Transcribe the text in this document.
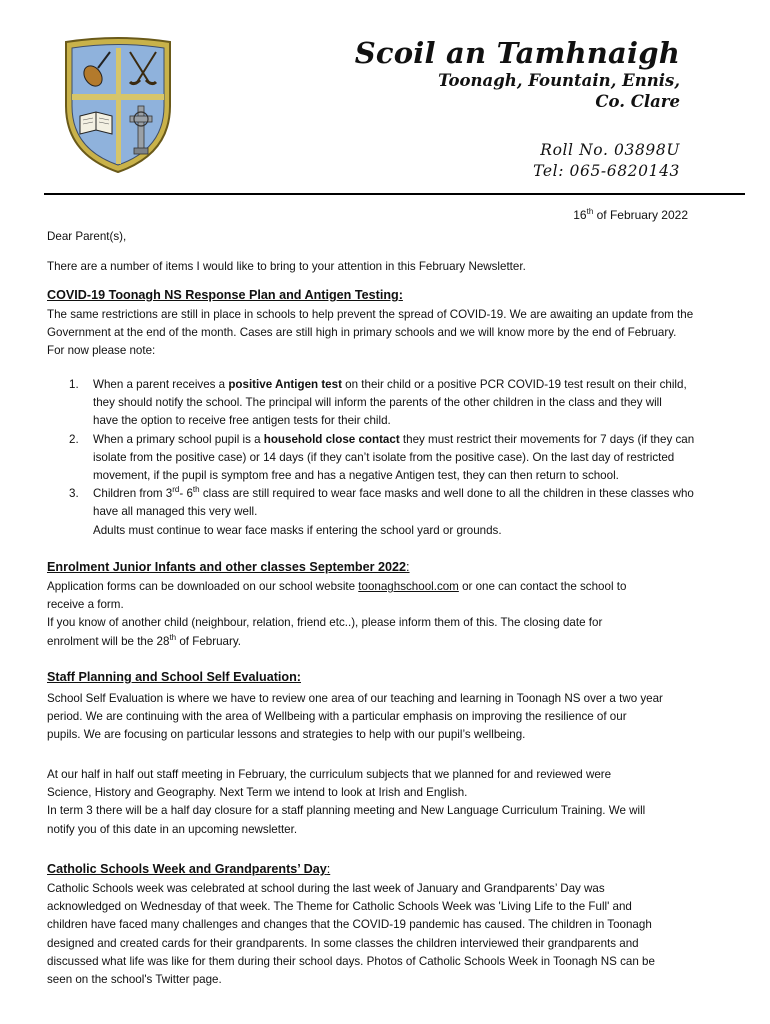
Scoil an Tamhnaigh
Toonagh, Fountain, Ennis,
Co. Clare
Roll No. 03898U
Tel: 065-6820143
16th of February 2022
Dear Parent(s),
There are a number of items I would like to bring to your attention in this February Newsletter.
COVID-19 Toonagh NS Response Plan and Antigen Testing:
The same restrictions are still in place in schools to help prevent the spread of COVID-19. We are awaiting an update from the
Government at the end of the month. Cases are still high in primary schools and we will know more by the end of February.
For now please note:
1. When a parent receives a positive Antigen test on their child or a positive PCR COVID-19 test result on their child,
they should notify the school. The principal will inform the parents of the other children in the class and they will
have the option to receive free antigen tests for their child.
2. When a primary school pupil is a household close contact they must restrict their movements for 7 days (if they can
isolate from the positive case) or 14 days (if they can’t isolate from the positive case). On the last day of restricted
movement, if the pupil is symptom free and has a negative Antigen test, they can then return to school.
3. Children from 3rd- 6th class are still required to wear face masks and well done to all the children in these classes who
have all managed this very well.
Adults must continue to wear face masks if entering the school yard or grounds.
Enrolment Junior Infants and other classes September 2022:
Application forms can be downloaded on our school website toonaghschool.com or one can contact the school to
receive a form.
If you know of another child (neighbour, relation, friend etc..), please inform them of this. The closing date for
enrolment will be the 28th of February.
Staff Planning and School Self Evaluation:
School Self Evaluation is where we have to review one area of our teaching and learning in Toonagh NS over a two year
period. We are continuing with the area of Wellbeing with a particular emphasis on improving the resilience of our
pupils. We are focusing on particular lessons and strategies to help with our pupil’s wellbeing.
At our half in half out staff meeting in February, the curriculum subjects that we planned for and reviewed were
Science, History and Geography. Next Term we intend to look at Irish and English.
In term 3 there will be a half day closure for a staff planning meeting and New Language Curriculum Training. We will
notify you of this date in an upcoming newsletter.
Catholic Schools Week and Grandparents’ Day:
Catholic Schools week was celebrated at school during the last week of January and Grandparents’ Day was
acknowledged on Wednesday of that week. The Theme for Catholic Schools Week was 'Living Life to the Full' and
children have faced many challenges and changes that the COVID-19 pandemic has caused. The children in Toonagh
designed and created cards for their grandparents. In some classes the children interviewed their grandparents and
discussed what life was like for them during their school days. Photos of Catholic Schools Week in Toonagh NS can be
seen on the school's Twitter page.
